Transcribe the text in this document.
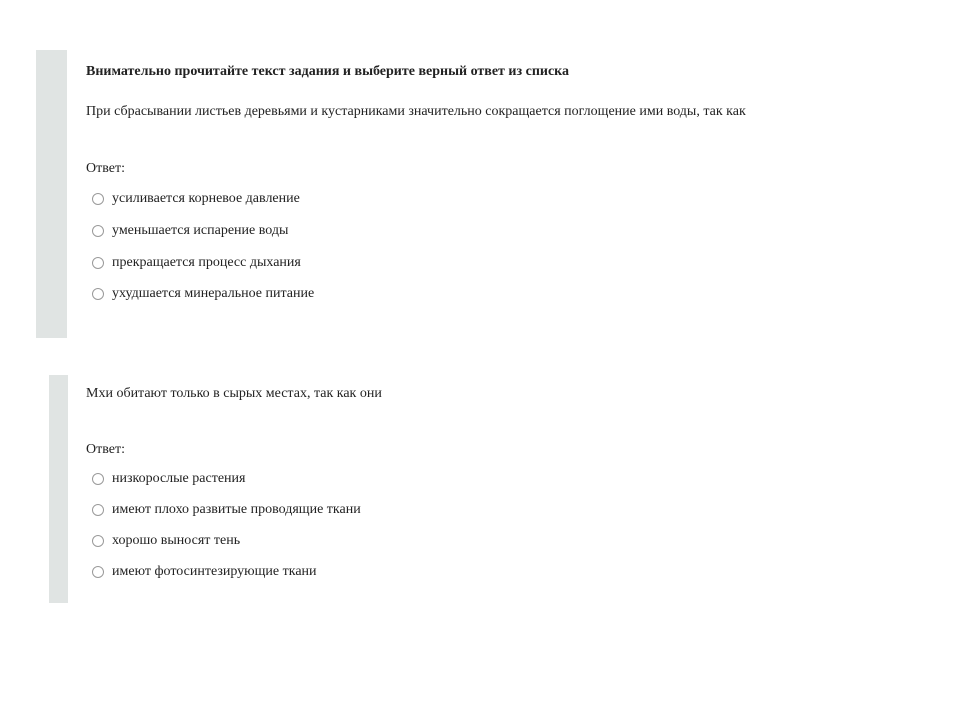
Внимательно прочитайте текст задания и выберите верный ответ из списка
При сбрасывании листьев деревьями и кустарниками значительно сокращается поглощение ими воды, так как
Ответ:
усиливается корневое давление
уменьшается испарение воды
прекращается процесс дыхания
ухудшается минеральное питание
Мхи обитают только в сырых местах, так как они
Ответ:
низкорослые растения
имеют плохо развитые проводящие ткани
хорошо выносят тень
имеют фотосинтезирующие ткани
